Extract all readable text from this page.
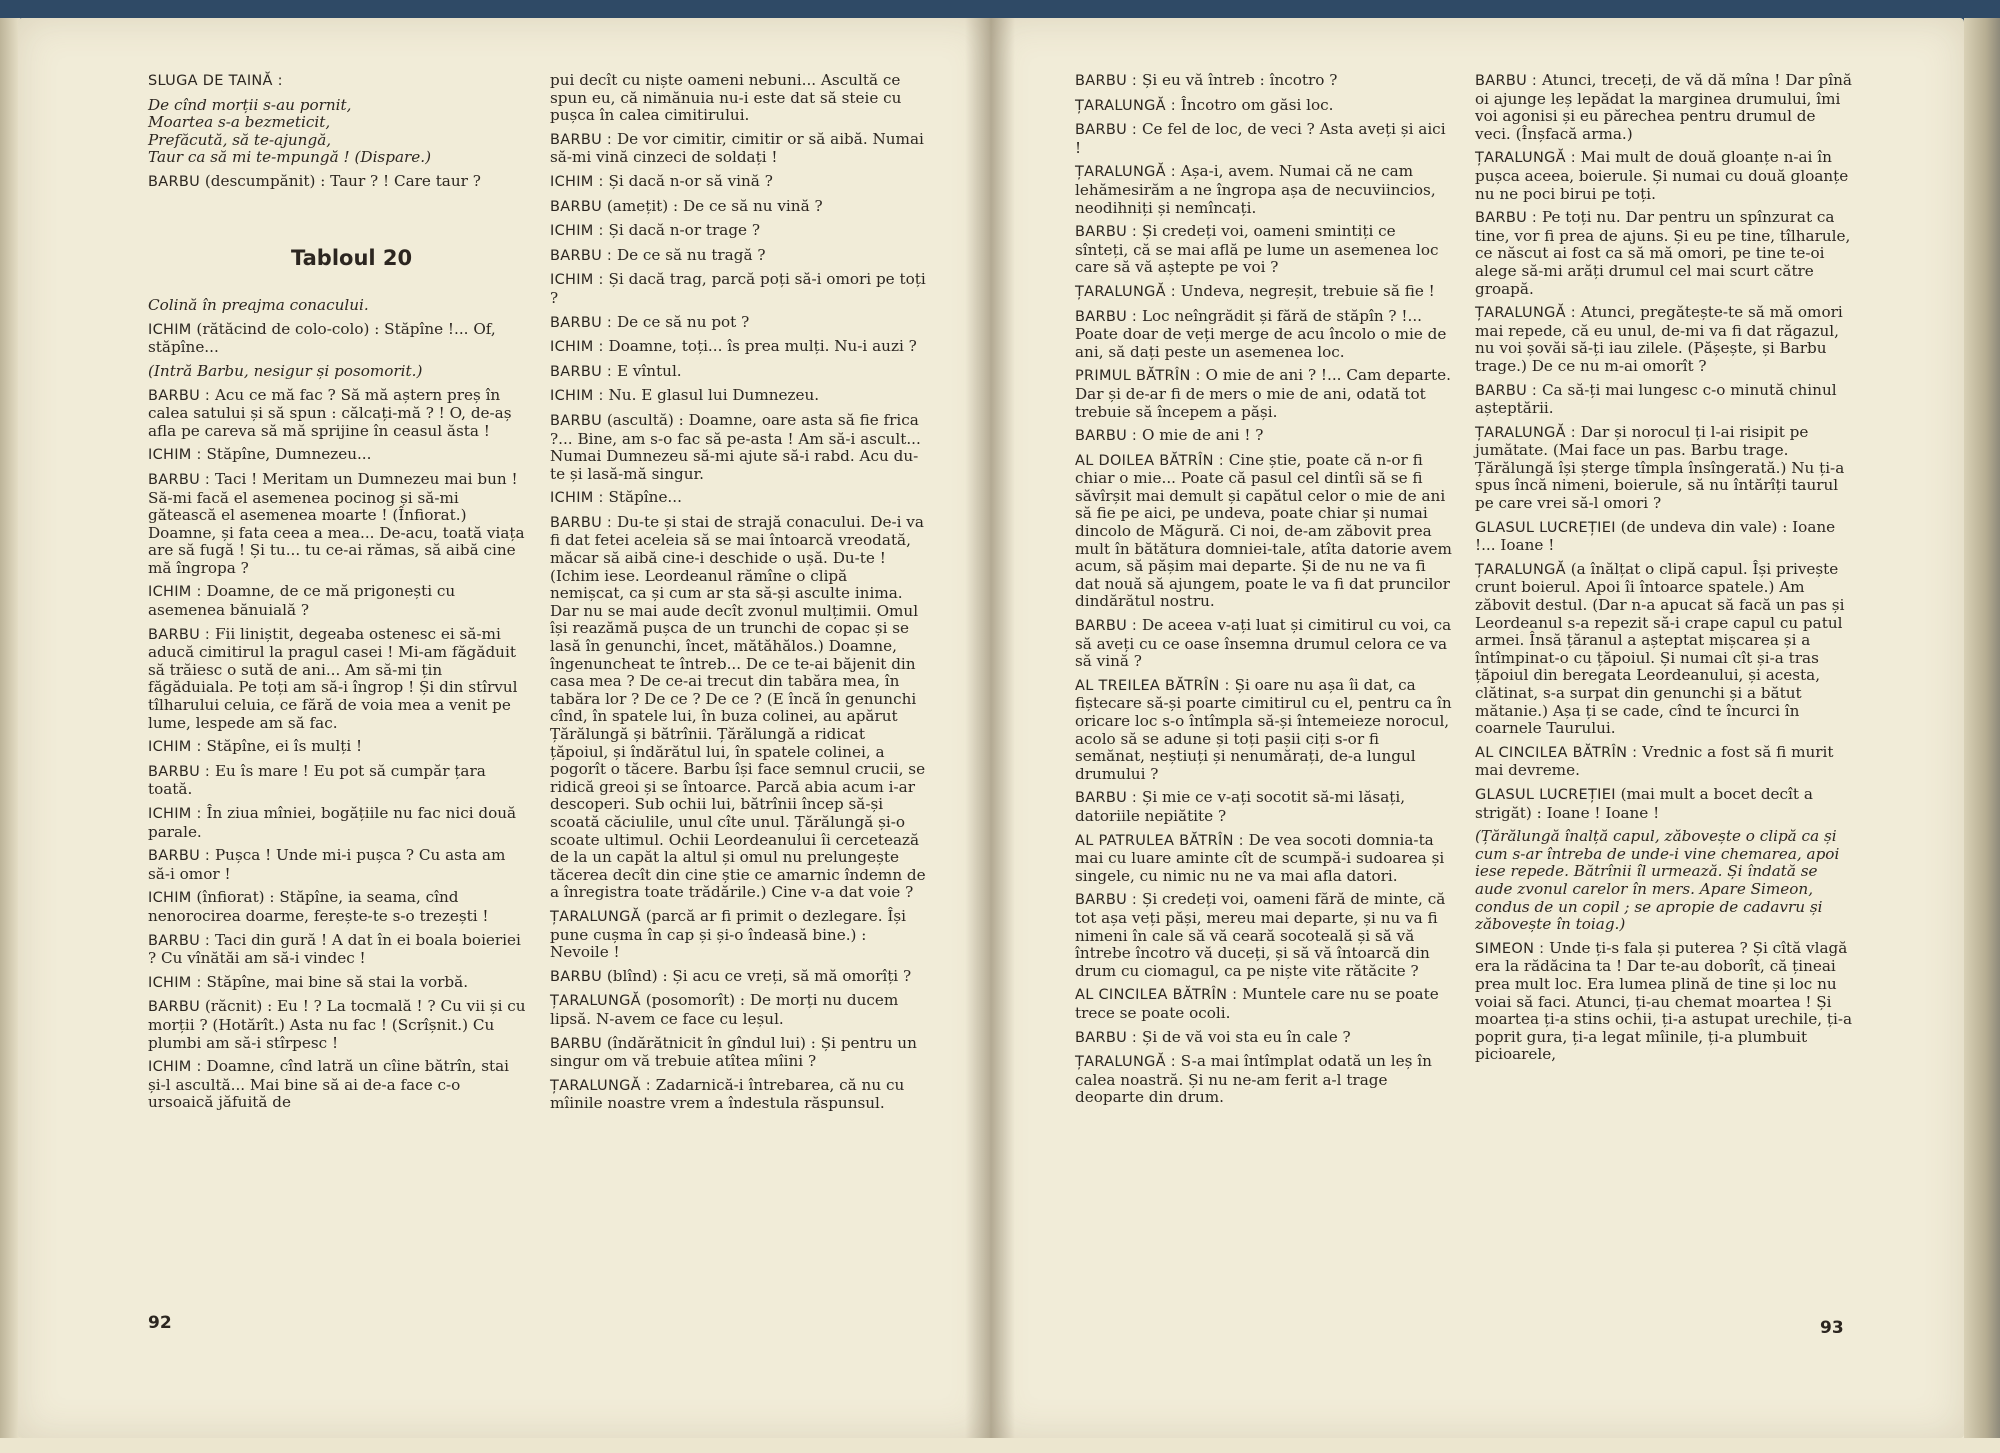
SLUGA DE TAINĂ :
De cînd morții s-au pornit,
Moartea s-a bezmeticit,
Prefăcută, să te-ajungă,
Taur ca să mi te-mpungă ! (Dispare.)
BARBU (descumpănit) : Taur ? ! Care taur ?
Tabloul 20
Colină în preajma conacului.
ICHIM (rătăcind de colo-colo) : Stăpîne !... Of, stăpîne...
(Intră Barbu, nesigur și posomorit.)
BARBU : Acu ce mă fac ? Să mă aștern preș în calea satului și să spun : călcați-mă ? ! O, de-aș afla pe careva să mă sprijine în ceasul ăsta !
ICHIM : Stăpîne, Dumnezeu...
BARBU : Taci ! Meritam un Dumnezeu mai bun ! Să-mi facă el asemenea pocinog și să-mi gătească el asemenea moarte ! (Înfiorat.) Doamne, și fata ceea a mea... De-acu, toată viața are să fugă ! Și tu... tu ce-ai rămas, să aibă cine mă îngropa ?
ICHIM : Doamne, de ce mă prigonești cu asemenea bănuială ?
BARBU : Fii liniștit, degeaba ostenesc ei să-mi aducă cimitirul la pragul casei ! Mi-am făgăduit să trăiesc o sută de ani... Am să-mi țin făgăduiala. Pe toți am să-i îngrop ! Și din stîrvul tîlharului celuia, ce fără de voia mea a venit pe lume, lespede am să fac.
ICHIM : Stăpîne, ei îs mulți !
BARBU : Eu îs mare ! Eu pot să cumpăr țara toată.
ICHIM : În ziua mîniei, bogățiile nu fac nici două parale.
BARBU : Pușca ! Unde mi-i pușca ? Cu asta am să-i omor !
ICHIM (înfiorat) : Stăpîne, ia seama, cînd nenorocirea doarme, ferește-te s-o trezești !
BARBU : Taci din gură ! A dat în ei boala boieriei ? Cu vînătăi am să-i vindec !
ICHIM : Stăpîne, mai bine să stai la vorbă.
BARBU (răcnit) : Eu ! ? La tocmală ! ? Cu vii și cu morții ? (Hotărît.) Asta nu fac ! (Scrîșnit.) Cu plumbi am să-i stîrpesc !
ICHIM : Doamne, cînd latră un cîine bătrîn, stai și-l ascultă... Mai bine să ai de-a face c-o ursoaică jăfuită de
pui decît cu niște oameni nebuni... Ascultă ce spun eu, că nimănuia nu-i este dat să steie cu pușca în calea cimitirului.
BARBU : De vor cimitir, cimitir or să aibă. Numai să-mi vină cinzeci de soldați !
ICHIM : Și dacă n-or să vină ?
BARBU (amețit) : De ce să nu vină ?
ICHIM : Și dacă n-or trage ?
BARBU : De ce să nu tragă ?
ICHIM : Și dacă trag, parcă poți să-i omori pe toți ?
BARBU : De ce să nu pot ?
ICHIM : Doamne, toți... îs prea mulți. Nu-i auzi ?
BARBU : E vîntul.
ICHIM : Nu. E glasul lui Dumnezeu.
BARBU (ascultă) : Doamne, oare asta să fie frica ?... Bine, am s-o fac să pe-asta ! Am să-i ascult... Numai Dumnezeu să-mi ajute să-i rabd. Acu du-te și lasă-mă singur.
ICHIM : Stăpîne...
BARBU : Du-te și stai de strajă conacului. De-i va fi dat fetei aceleia să se mai întoarcă vreodată, măcar să aibă cine-i deschide o ușă. Du-te ! (Ichim iese. Leordeanul rămîne o clipă nemișcat, ca și cum ar sta să-și asculte inima. Dar nu se mai aude decît zvonul mulțimii. Omul își reazămă pușca de un trunchi de copac și se lasă în genunchi, încet, mătăhălos.) Doamne, îngenuncheat te întreb... De ce te-ai băjenit din casa mea ? De ce-ai trecut din tabăra mea, în tabăra lor ? De ce ? De ce ? (E încă în genunchi cînd, în spatele lui, în buza colinei, au apărut Țărălungă și bătrînii. Țărălungă a ridicat țăpoiul, și îndărătul lui, în spatele colinei, a pogorît o tăcere. Barbu își face semnul crucii, se ridică greoi și se întoarce. Parcă abia acum i-ar descoperi. Sub ochii lui, bătrînii încep să-și scoată căciulile, unul cîte unul. Țărălungă și-o scoate ultimul. Ochii Leordeanului îi cercetează de la un capăt la altul și omul nu prelungește tăcerea decît din cine știe ce amarnic îndemn de a înregistra toate trădările.) Cine v-a dat voie ?
ȚARALUNGĂ (parcă ar fi primit o dezlegare. Își pune cușma în cap și și-o îndeasă bine.) : Nevoile !
BARBU (blînd) : Și acu ce vreți, să mă omorîți ?
ȚARALUNGĂ (posomorît) : De morți nu ducem lipsă. N-avem ce face cu leșul.
BARBU (îndărătnicit în gîndul lui) : Și pentru un singur om vă trebuie atîtea mîini ?
ȚARALUNGĂ : Zadarnică-i întrebarea, că nu cu mîinile noastre vrem a îndestula răspunsul.
BARBU : Și eu vă întreb : încotro ?
ȚARALUNGĂ : Încotro om găsi loc.
BARBU : Ce fel de loc, de veci ? Asta aveți și aici !
ȚARALUNGĂ : Așa-i, avem. Numai că ne cam lehămesirăm a ne îngropa așa de necuviincios, neodihniți și nemîncați.
BARBU : Și credeți voi, oameni smintiți ce sînteți, că se mai află pe lume un asemenea loc care să vă aștepte pe voi ?
ȚARALUNGĂ : Undeva, negreșit, trebuie să fie !
BARBU : Loc neîngrădit și fără de stăpîn ? !... Poate doar de veți merge de acu încolo o mie de ani, să dați peste un asemenea loc.
PRIMUL BĂTRÎN : O mie de ani ? !... Cam departe. Dar și de-ar fi de mers o mie de ani, odată tot trebuie să începem a păși.
BARBU : O mie de ani ! ?
AL DOILEA BĂTRÎN : Cine știe, poate că n-or fi chiar o mie... Poate că pasul cel dintîi să se fi săvîrșit mai demult și capătul celor o mie de ani să fie pe aici, pe undeva, poate chiar și numai dincolo de Măgură. Ci noi, de-am zăbovit prea mult în bătătura domniei-tale, atîta datorie avem acum, să pășim mai departe. Și de nu ne va fi dat nouă să ajungem, poate le va fi dat pruncilor dindărătul nostru.
BARBU : De aceea v-ați luat și cimitirul cu voi, ca să aveți cu ce oase însemna drumul celora ce va să vină ?
AL TREILEA BĂTRÎN : Și oare nu așa îi dat, ca fiștecare să-și poarte cimitirul cu el, pentru ca în oricare loc s-o întîmpla să-și întemeieze norocul, acolo să se adune și toți pașii ciți s-or fi semănat, neștiuți și nenumărați, de-a lungul drumului ?
BARBU : Și mie ce v-ați socotit să-mi lăsați, datoriile nepiătite ?
AL PATRULEA BĂTRÎN : De vea socoti domnia-ta mai cu luare aminte cît de scumpă-i sudoarea și singele, cu nimic nu ne va mai afla datori.
BARBU : Și credeți voi, oameni fără de minte, că tot așa veți păși, mereu mai departe, și nu va fi nimeni în cale să vă ceară socoteală și să vă întrebe încotro vă duceți, și să vă întoarcă din drum cu ciomagul, ca pe niște vite rătăcite ?
AL CINCILEA BĂTRÎN : Muntele care nu se poate trece se poate ocoli.
BARBU : Și de vă voi sta eu în cale ?
ȚARALUNGĂ : S-a mai întîmplat odată un leș în calea noastră. Și nu ne-am ferit a-l trage deoparte din drum.
BARBU : Atunci, treceți, de vă dă mîna ! Dar pînă oi ajunge leș lepădat la marginea drumului, îmi voi agonisi și eu părechea pentru drumul de veci. (Înșfacă arma.)
ȚARALUNGĂ : Mai mult de două gloanțe n-ai în pușca aceea, boierule. Și numai cu două gloanțe nu ne poci birui pe toți.
BARBU : Pe toți nu. Dar pentru un spînzurat ca tine, vor fi prea de ajuns. Și eu pe tine, tîlharule, ce născut ai fost ca să mă omori, pe tine te-oi alege să-mi arăți drumul cel mai scurt către groapă.
ȚARALUNGĂ : Atunci, pregătește-te să mă omori mai repede, că eu unul, de-mi va fi dat răgazul, nu voi șovăi să-ți iau zilele. (Pășește, și Barbu trage.) De ce nu m-ai omorît ?
BARBU : Ca să-ți mai lungesc c-o minută chinul așteptării.
ȚARALUNGĂ : Dar și norocul ți l-ai risipit pe jumătate. (Mai face un pas. Barbu trage. Țărălungă își șterge tîmpla însîngerată.) Nu ți-a spus încă nimeni, boierule, să nu întărîți taurul pe care vrei să-l omori ?
GLASUL LUCREȚIEI (de undeva din vale) : Ioane !... Ioane !
ȚARALUNGĂ (a înălțat o clipă capul. Își privește crunt boierul. Apoi îi întoarce spatele.) Am zăbovit destul. (Dar n-a apucat să facă un pas și Leordeanul s-a repezit să-i crape capul cu patul armei. Însă țăranul a așteptat mișcarea și a întîmpinat-o cu țăpoiul. Și numai cît și-a tras țăpoiul din beregata Leordeanului, și acesta, clătinat, s-a surpat din genunchi și a bătut mătanie.) Așa ți se cade, cînd te încurci în coarnele Taurului.
AL CINCILEA BĂTRÎN : Vrednic a fost să fi murit mai devreme.
GLASUL LUCREȚIEI (mai mult a bocet decît a strigăt) : Ioane ! Ioane !
(Țărălungă înalță capul, zăbovește o clipă ca și cum s-ar întreba de unde-i vine chemarea, apoi iese repede. Bătrînii îl urmează. Și îndată se aude zvonul carelor în mers. Apare Simeon, condus de un copil ; se apropie de cadavru și zăbovește în toiag.)
SIMEON : Unde ți-s fala și puterea ? Și cîtă vlagă era la rădăcina ta ! Dar te-au doborît, că țineai prea mult loc. Era lumea plină de tine și loc nu voiai să faci. Atunci, ți-au chemat moartea ! Și moartea ți-a stins ochii, ți-a astupat urechile, ți-a poprit gura, ți-a legat mîinile, ți-a plumbuit picioarele,
92	93
